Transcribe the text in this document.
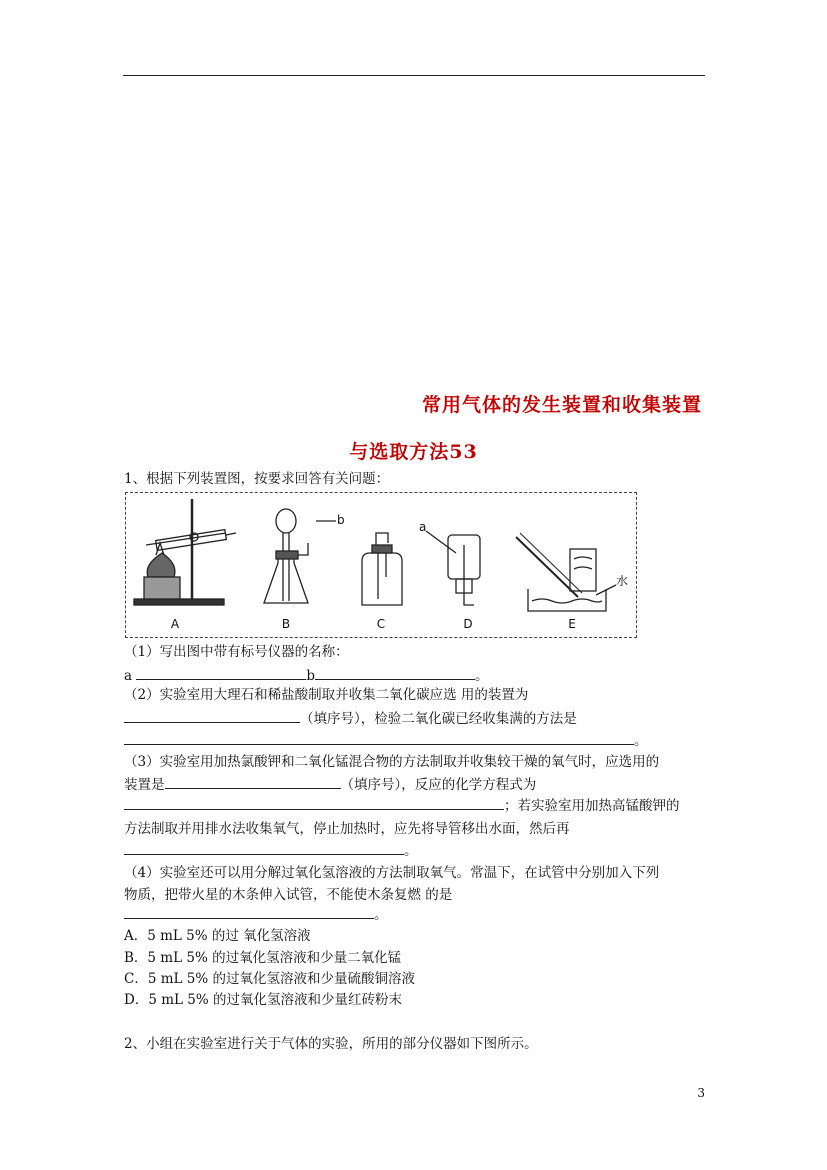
常用气体的发生装置和收集装置
与选取方法53
1、根据下列装置图，按要求回答有关问题：
A	B	C	D	E
a
b
水
（1）写出图中带有标号仪器的名称：
a	b	。
（2）实验室用大理石和稀盐酸制取并收集二氧化碳应选 用的装置为
（填序号），检验二氧化碳已经收集满的方法是
。
（3）实验室用加热氯酸钾和二氧化锰混合物的方法制取并收集较干燥的氧气时，应选用的
装置是	（填序号），反应的化学方程式为
；若实验室用加热高锰酸钾的
方法制取并用排水法收集氧气，停止加热时，应先将导管移出水面，然后再
。
（4）实验室还可以用分解过氧化氢溶液的方法制取氧气。常温下，在试管中分别加入下列
物质，把带火星的木条伸入试管，不能使木条复燃 的是
。
A．5 mL 5% 的过 氧化氢溶液
B．5 mL 5% 的过氧化氢溶液和少量二氧化锰
C．5 mL 5% 的过氧化氢溶液和少量硫酸铜溶液
D．5 mL 5% 的过氧化氢溶液和少量红砖粉末
2、小组在实验室进行关于气体的实验，所用的部分仪器如下图所示。
3
